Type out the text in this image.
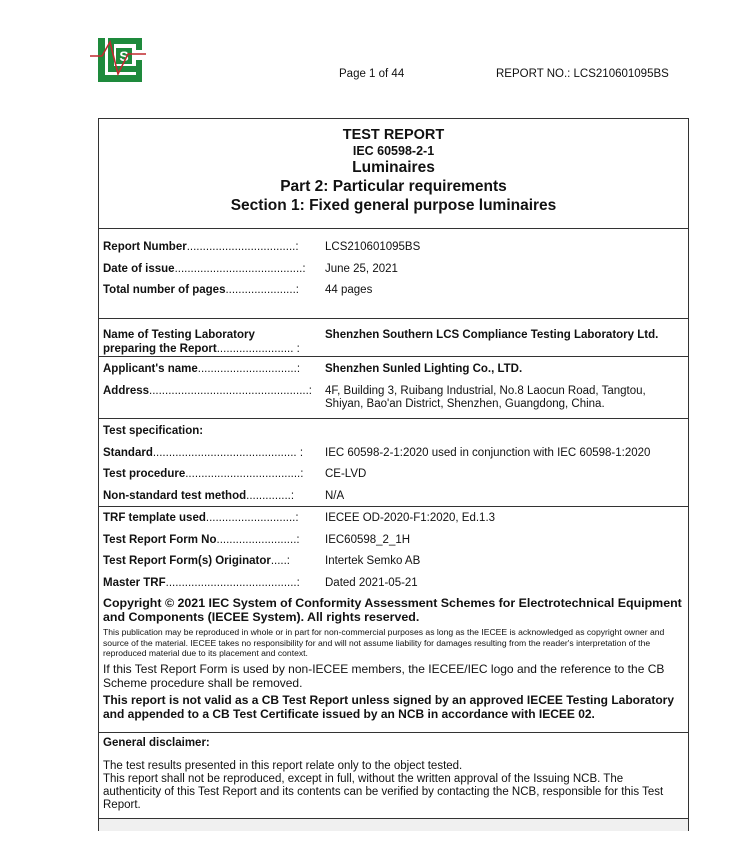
S
Page 1 of 44	REPORT NO.: LCS210601095BS
TEST REPORT
IEC 60598-2-1
Luminaires
Part 2: Particular requirements
Section 1: Fixed general purpose luminaires
Report Number..................................:	LCS210601095BS
Date of issue........................................:	June 25, 2021
Total number of pages......................:	44 pages
Name of Testing Laboratory
preparing the Report........................ :
Shenzhen Southern LCS Compliance Testing Laboratory Ltd.
Applicant's name...............................:	Shenzhen Sunled Lighting Co., LTD.
Address..................................................:	4F, Building 3, Ruibang Industrial, No.8 Laocun Road, Tangtou,
Shiyan, Bao'an District, Shenzhen, Guangdong, China.
Test specification:
Standard............................................. :	IEC 60598-2-1:2020 used in conjunction with IEC 60598-1:2020
Test procedure....................................:	CE-LVD
Non-standard test method..............:	N/A
TRF template used............................:	IECEE OD-2020-F1:2020, Ed.1.3
Test Report Form No.........................:	IEC60598_2_1H
Test Report Form(s) Originator.....:	Intertek Semko AB
Master TRF.........................................:	Dated 2021-05-21
Copyright © 2021 IEC System of Conformity Assessment Schemes for Electrotechnical Equipment and Components (IECEE System). All rights reserved.
This publication may be reproduced in whole or in part for non-commercial purposes as long as the IECEE is acknowledged as copyright owner and source of the material. IECEE takes no responsibility for and will not assume liability for damages resulting from the reader's interpretation of the reproduced material due to its placement and context.
If this Test Report Form is used by non-IECEE members, the IECEE/IEC logo and the reference to the CB Scheme procedure shall be removed.
This report is not valid as a CB Test Report unless signed by an approved IECEE Testing Laboratory and appended to a CB Test Certificate issued by an NCB in accordance with IECEE 02.
General disclaimer:
The test results presented in this report relate only to the object tested.
This report shall not be reproduced, except in full, without the written approval of the Issuing NCB. The authenticity of this Test Report and its contents can be verified by contacting the NCB, responsible for this Test Report.
